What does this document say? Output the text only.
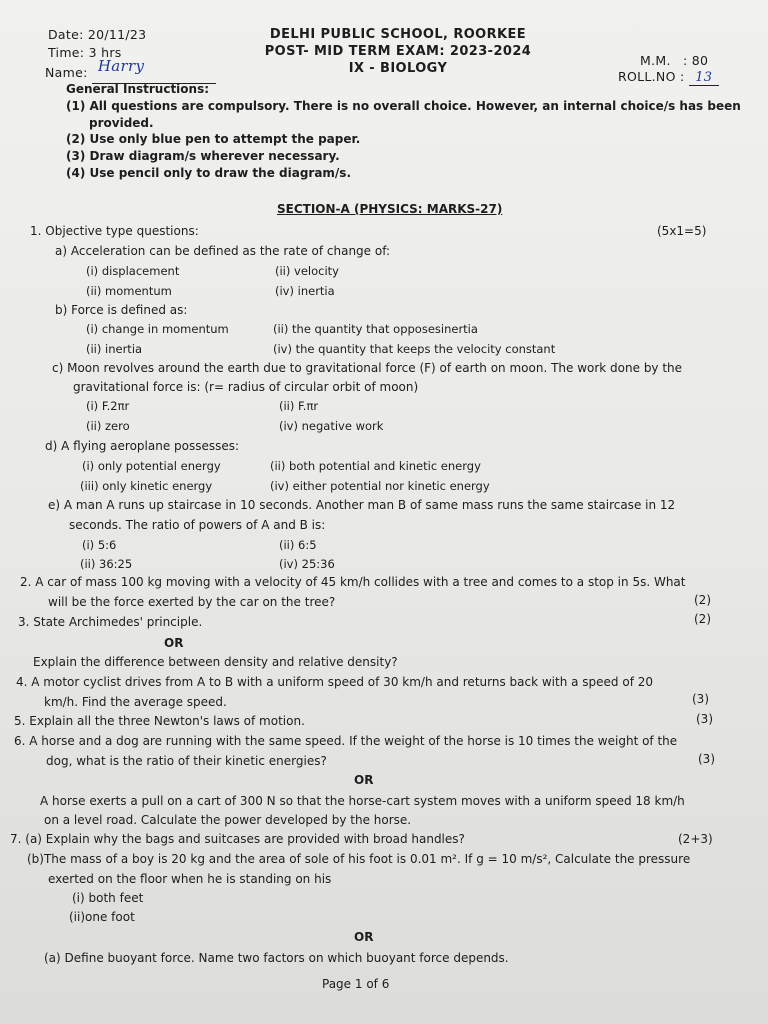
Date: 20/11/23
Time: 3 hrs
Name: Harry
DELHI PUBLIC SCHOOL, ROORKEE
POST- MID TERM EXAM: 2023-2024
IX - BIOLOGY
M.M. : 80
ROLL.NO : 13
General Instructions:
(1) All questions are compulsory. There is no overall choice. However, an internal choice/s has been
provided.
(2) Use only blue pen to attempt the paper.
(3) Draw diagram/s wherever necessary.
(4) Use pencil only to draw the diagram/s.
SECTION-A (PHYSICS: MARKS-27)
1. Objective type questions:	(5x1=5)
a) Acceleration can be defined as the rate of change of:
(i) displacement	(ii) velocity
(ii) momentum	(iv) inertia
b) Force is defined as:
(i) change in momentum	(ii) the quantity that opposesinertia
(ii) inertia	(iv) the quantity that keeps the velocity constant
c) Moon revolves around the earth due to gravitational force (F) of earth on moon. The work done by the
gravitational force is: (r= radius of circular orbit of moon)
(i) F.2πr	(ii) F.πr
(ii) zero	(iv) negative work
d) A flying aeroplane possesses:
(i) only potential energy	(ii) both potential and kinetic energy
(iii) only kinetic energy	(iv) either potential nor kinetic energy
e) A man A runs up staircase in 10 seconds. Another man B of same mass runs the same staircase in 12
seconds. The ratio of powers of A and B is:
(i) 5:6	(ii) 6:5
(ii) 36:25	(iv) 25:36
2. A car of mass 100 kg moving with a velocity of 45 km/h collides with a tree and comes to a stop in 5s. What
will be the force exerted by the car on the tree?	(2)
3. State Archimedes' principle.	(2)
OR
Explain the difference between density and relative density?
4. A motor cyclist drives from A to B with a uniform speed of 30 km/h and returns back with a speed of 20
km/h. Find the average speed.	(3)
5. Explain all the three Newton's laws of motion.	(3)
6. A horse and a dog are running with the same speed. If the weight of the horse is 10 times the weight of the
dog, what is the ratio of their kinetic energies?	(3)
OR
A horse exerts a pull on a cart of 300 N so that the horse-cart system moves with a uniform speed 18 km/h
on a level road. Calculate the power developed by the horse.
7. (a) Explain why the bags and suitcases are provided with broad handles?	(2+3)
(b)The mass of a boy is 20 kg and the area of sole of his foot is 0.01 m². If g = 10 m/s², Calculate the pressure
exerted on the floor when he is standing on his
(i) both feet
(ii)one foot
OR
(a) Define buoyant force. Name two factors on which buoyant force depends.
Page 1 of 6
